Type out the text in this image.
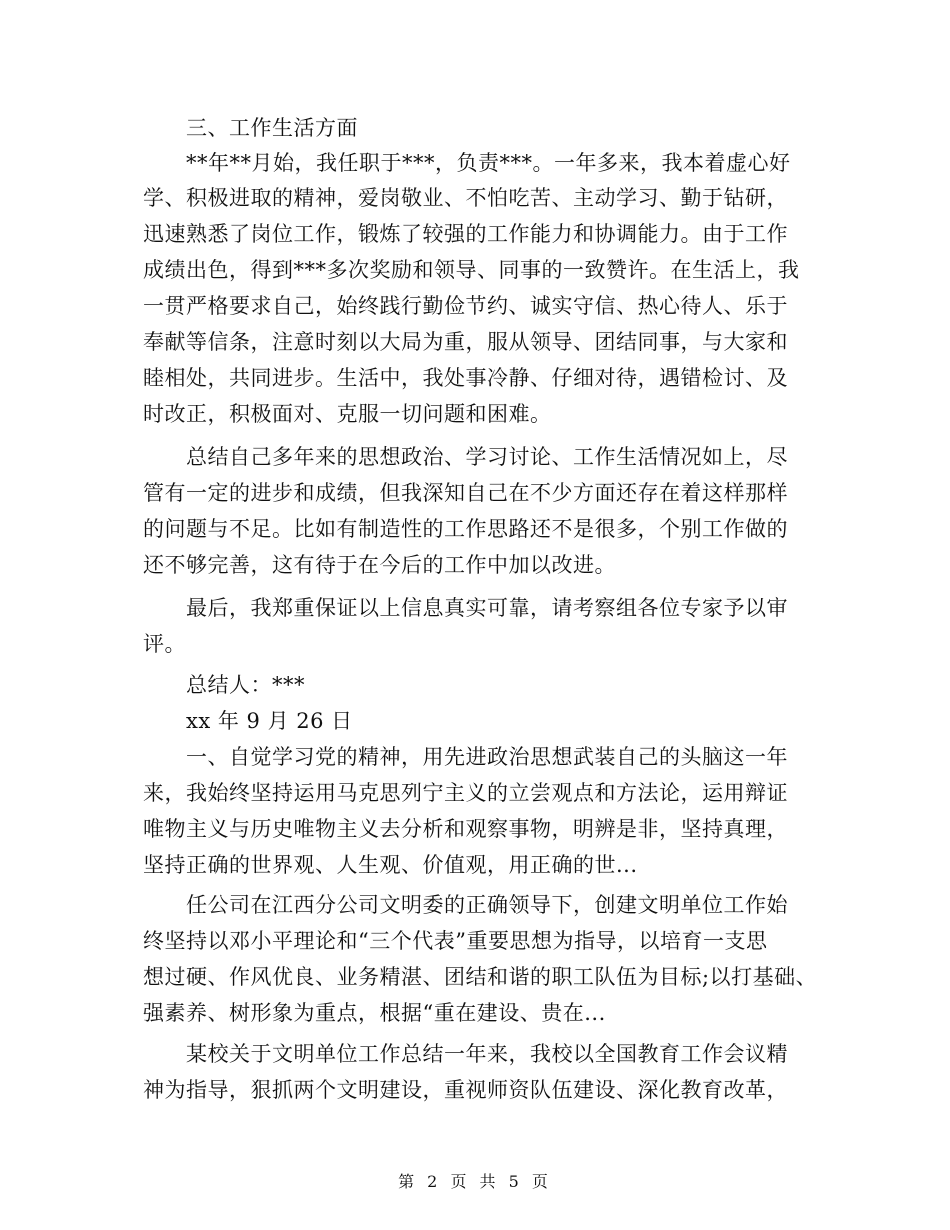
三、工作生活方面
**年**月始，我任职于***，负责***。一年多来，我本着虚心好
学、积极进取的精神，爱岗敬业、不怕吃苦、主动学习、勤于钻研，
迅速熟悉了岗位工作，锻炼了较强的工作能力和协调能力。由于工作
成绩出色，得到***多次奖励和领导、同事的一致赞许。在生活上，我
一贯严格要求自己，始终践行勤俭节约、诚实守信、热心待人、乐于
奉献等信条，注意时刻以大局为重，服从领导、团结同事，与大家和
睦相处，共同进步。生活中，我处事冷静、仔细对待，遇错检讨、及
时改正，积极面对、克服一切问题和困难。
总结自己多年来的思想政治、学习讨论、工作生活情况如上，尽
管有一定的进步和成绩，但我深知自己在不少方面还存在着这样那样
的问题与不足。比如有制造性的工作思路还不是很多，个别工作做的
还不够完善，这有待于在今后的工作中加以改进。
最后，我郑重保证以上信息真实可靠，请考察组各位专家予以审
评。
总结人：***
xx 年 9 月 26 日
一、自觉学习党的精神，用先进政治思想武装自己的头脑这一年
来，我始终坚持运用马克思列宁主义的立尝观点和方法论，运用辩证
唯物主义与历史唯物主义去分析和观察事物，明辨是非，坚持真理，
坚持正确的世界观、人生观、价值观，用正确的世...
任公司在江西分公司文明委的正确领导下，创建文明单位工作始
终坚持以邓小平理论和“三个代表”重要思想为指导，以培育一支思
想过硬、作风优良、业务精湛、团结和谐的职工队伍为目标;以打基础、
强素养、树形象为重点，根据“重在建设、贵在...
某校关于文明单位工作总结一年来，我校以全国教育工作会议精
神为指导，狠抓两个文明建设，重视师资队伍建设、深化教育改革，
第 2 页 共 5 页
